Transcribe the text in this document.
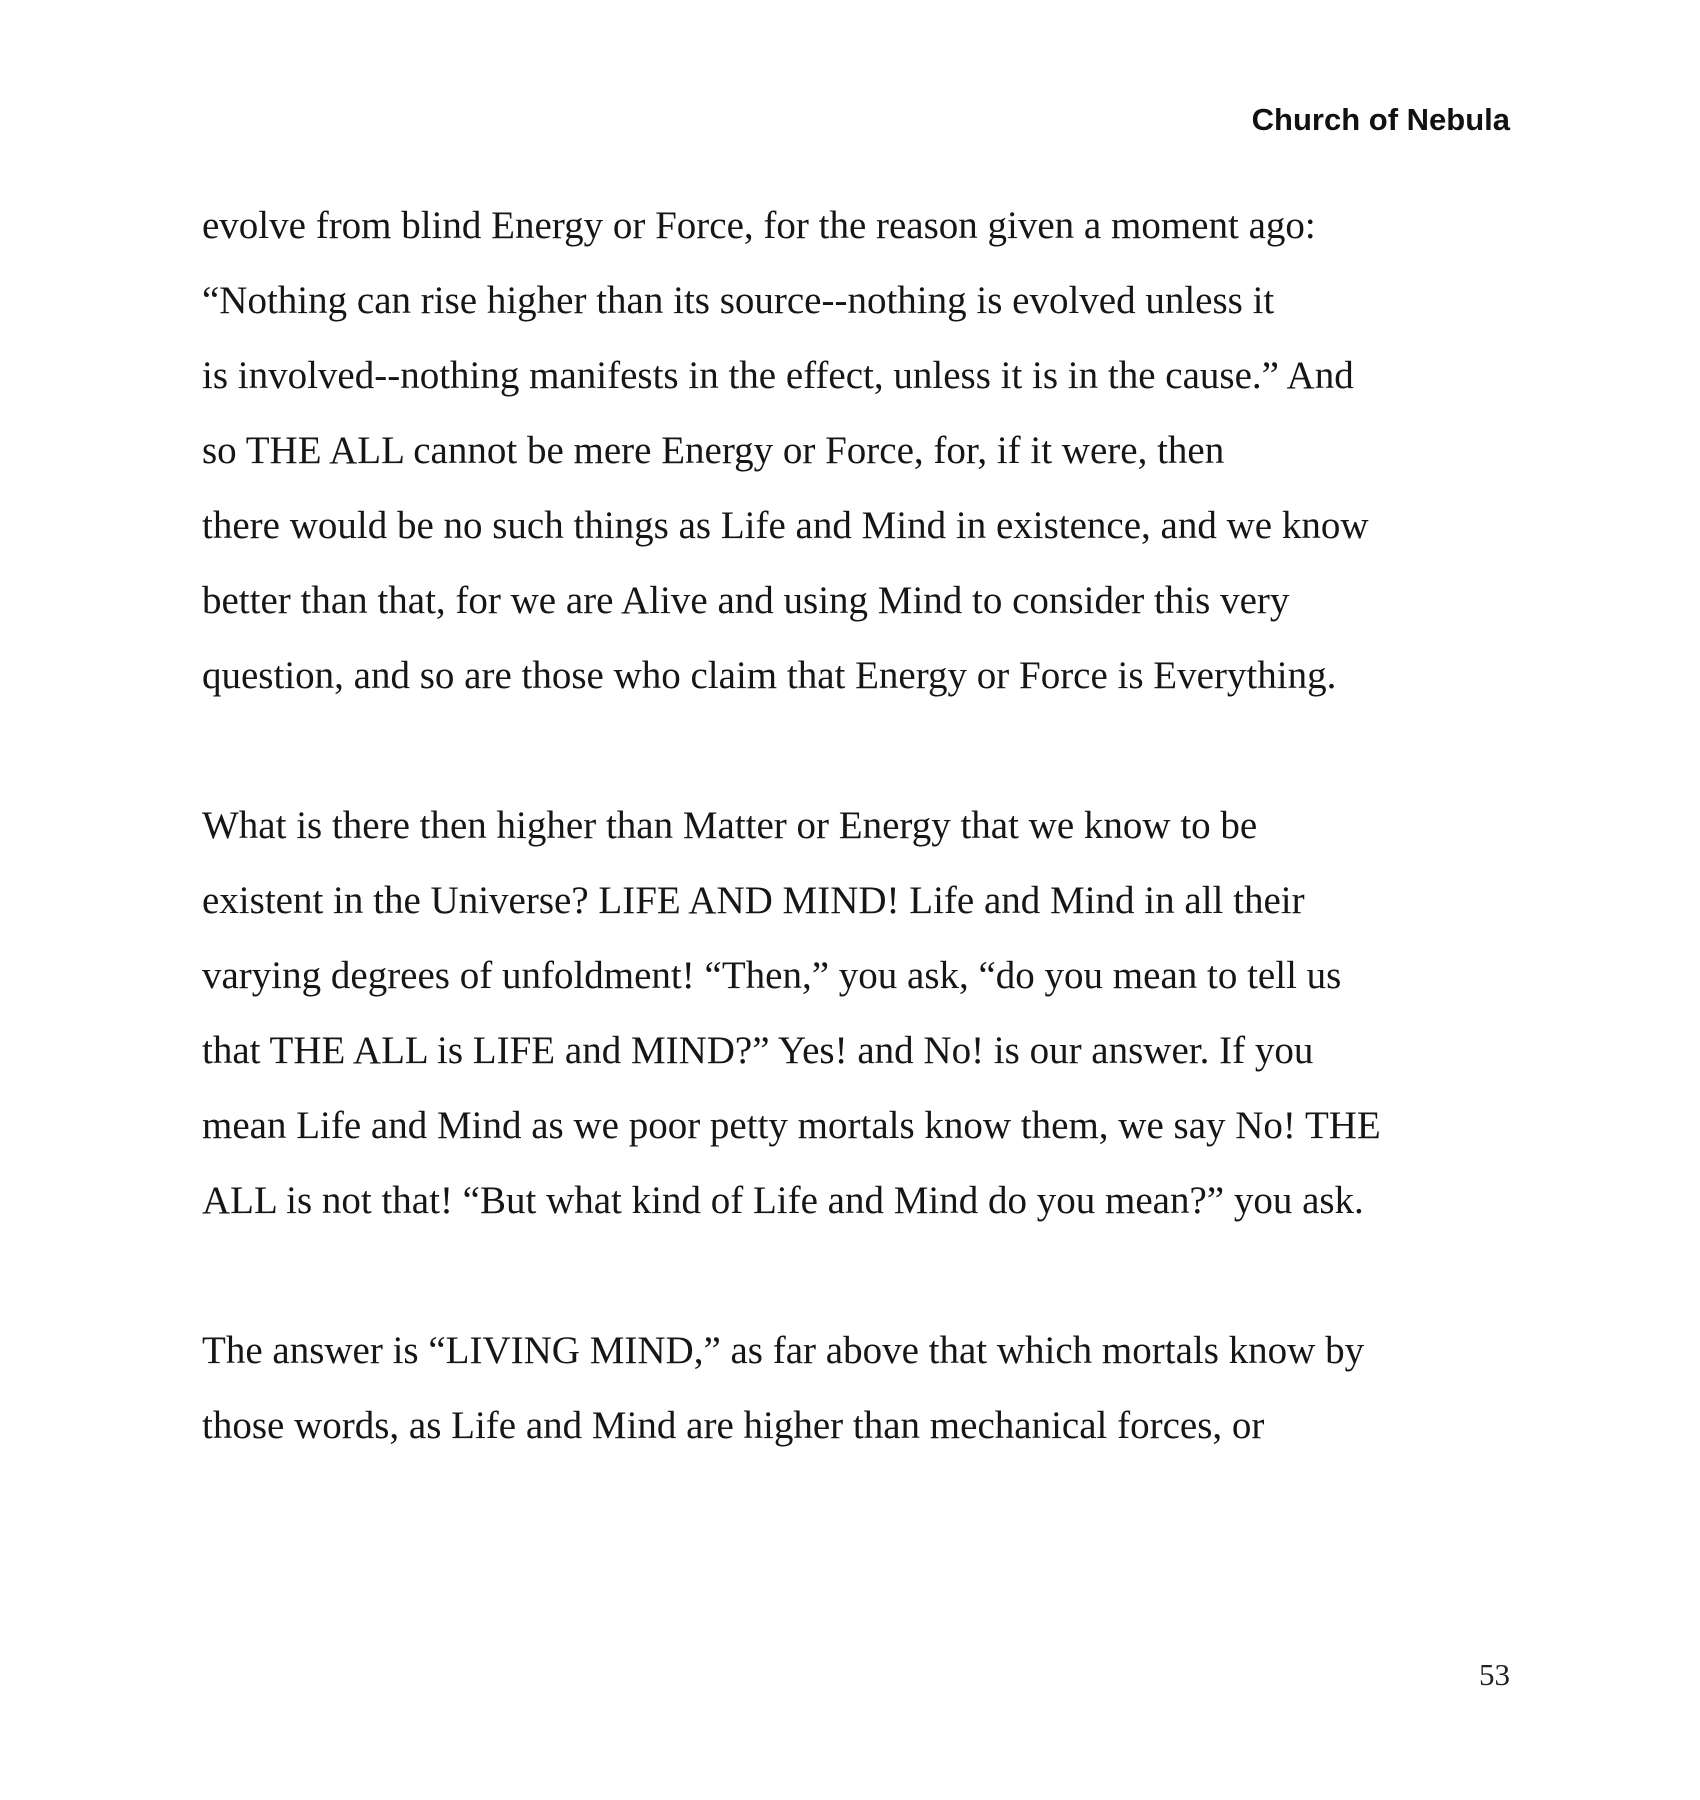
Church of Nebula

evolve from blind Energy or Force, for the reason given a moment ago:
“Nothing can rise higher than its source--nothing is evolved unless it
is involved--nothing manifests in the effect, unless it is in the cause.” And
so THE ALL cannot be mere Energy or Force, for, if it were, then
there would be no such things as Life and Mind in existence, and we know
better than that, for we are Alive and using Mind to consider this very
question, and so are those who claim that Energy or Force is Everything.

What is there then higher than Matter or Energy that we know to be
existent in the Universe? LIFE AND MIND! Life and Mind in all their
varying degrees of unfoldment! “Then,” you ask, “do you mean to tell us
that THE ALL is LIFE and MIND?” Yes! and No! is our answer. If you
mean Life and Mind as we poor petty mortals know them, we say No! THE
ALL is not that! “But what kind of Life and Mind do you mean?” you ask.

The answer is “LIVING MIND,” as far above that which mortals know by
those words, as Life and Mind are higher than mechanical forces, or

53
